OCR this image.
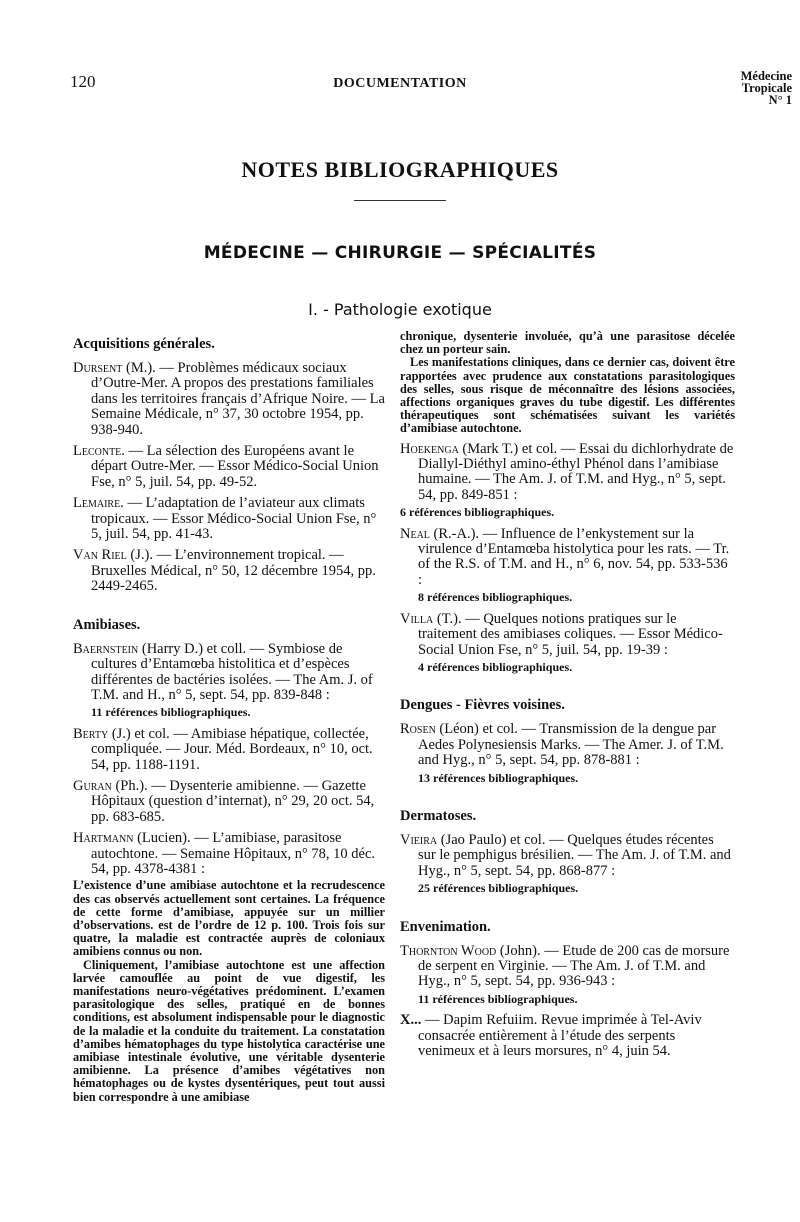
120	DOCUMENTATION	Médecine
Tropicale
N° 1
NOTES BIBLIOGRAPHIQUES
MÉDECINE — CHIRURGIE — SPÉCIALITÉS
I. - Pathologie exotique
Acquisitions générales.
Dursent (M.). — Problèmes médicaux sociaux d’Outre-Mer. A propos des prestations familiales dans les territoires français d’Afrique Noire. — La Semaine Médicale, n° 37, 30 octobre 1954, pp. 938-940.
Leconte. — La sélection des Européens avant le départ Outre-Mer. — Essor Médico-Social Union Fse, n° 5, juil. 54, pp. 49-52.
Lemaire. — L’adaptation de l’aviateur aux climats tropicaux. — Essor Médico-Social Union Fse, n° 5, juil. 54, pp. 41-43.
Van Riel (J.). — L’environnement tropical. — Bruxelles Médical, n° 50, 12 décembre 1954, pp. 2449-2465.
Amibiases.
Baernstein (Harry D.) et coll. — Symbiose de cultures d’Entamœba histolitica et d’espèces différentes de bactéries isolées. — The Am. J. of T.M. and H., n° 5, sept. 54, pp. 839-848 :
11 références bibliographiques.
Berty (J.) et col. — Amibiase hépatique, collectée, compliquée. — Jour. Méd. Bordeaux, n° 10, oct. 54, pp. 1188-1191.
Guran (Ph.). — Dysenterie amibienne. — Gazette Hôpitaux (question d’internat), n° 29, 20 oct. 54, pp. 683-685.
Hartmann (Lucien). — L’amibiase, parasitose autochtone. — Semaine Hôpitaux, n° 78, 10 déc. 54, pp. 4378-4381 :

L’existence d’une amibiase autochtone et la recrudescence des cas observés actuellement sont certaines. La fréquence de cette forme d’amibiase, appuyée sur un millier d’observations. est de l’ordre de 12 p. 100. Trois fois sur quatre, la maladie est contractée auprès de coloniaux amibiens connus ou non.

Cliniquement, l’amibiase autochtone est une affection larvée camouflée au point de vue digestif, les manifestations neuro-végétatives prédominent. L’examen parasitologique des selles, pratiqué en de bonnes conditions, est absolument indispensable pour le diagnostic de la maladie et la conduite du traitement. La constatation d’amibes hématophages du type histolytica caractérise une amibiase intestinale évolutive, une véritable dysenterie amibienne. La présence d’amibes végétatives non hématophages ou de kystes dysentériques, peut tout aussi bien correspondre à une amibiase

chronique, dysenterie involuée, qu’à une parasitose décelée chez un porteur sain.

Les manifestations cliniques, dans ce dernier cas, doivent être rapportées avec prudence aux constatations parasitologiques des selles, sous risque de méconnaître des lésions associées, affections organiques graves du tube digestif. Les différentes thérapeutiques sont schématisées suivant les variétés d’amibiase autochtone.

Hoekenga (Mark T.) et col. — Essai du dichlorhydrate de Diallyl-Diéthyl amino-éthyl Phénol dans l’amibiase humaine. — The Am. J. of T.M. and Hyg., n° 5, sept. 54, pp. 849-851 :
6 références bibliographiques.
Neal (R.-A.). — Influence de l’enkystement sur la virulence d’Entamœba histolytica pour les rats. — Tr. of the R.S. of T.M. and H., n° 6, nov. 54, pp. 533-536 :
8 références bibliographiques.
Villa (T.). — Quelques notions pratiques sur le traitement des amibiases coliques. — Essor Médico-Social Union Fse, n° 5, juil. 54, pp. 19-39 :
4 références bibliographiques.
Dengues - Fièvres voisines.
Rosen (Léon) et col. — Transmission de la dengue par Aedes Polynesiensis Marks. — The Amer. J. of T.M. and Hyg., n° 5, sept. 54, pp. 878-881 :
13 références bibliographiques.
Dermatoses.
Vieira (Jao Paulo) et col. — Quelques études récentes sur le pemphigus brésilien. — The Am. J. of T.M. and Hyg., n° 5, sept. 54, pp. 868-877 :
25 références bibliographiques.
Envenimation.
Thornton Wood (John). — Etude de 200 cas de morsure de serpent en Virginie. — The Am. J. of T.M. and Hyg., n° 5, sept. 54, pp. 936-943 :
11 références bibliographiques.
X... — Dapim Refuiim. Revue imprimée à Tel-Aviv consacrée entièrement à l’étude des serpents venimeux et à leurs morsures, n° 4, juin 54.
